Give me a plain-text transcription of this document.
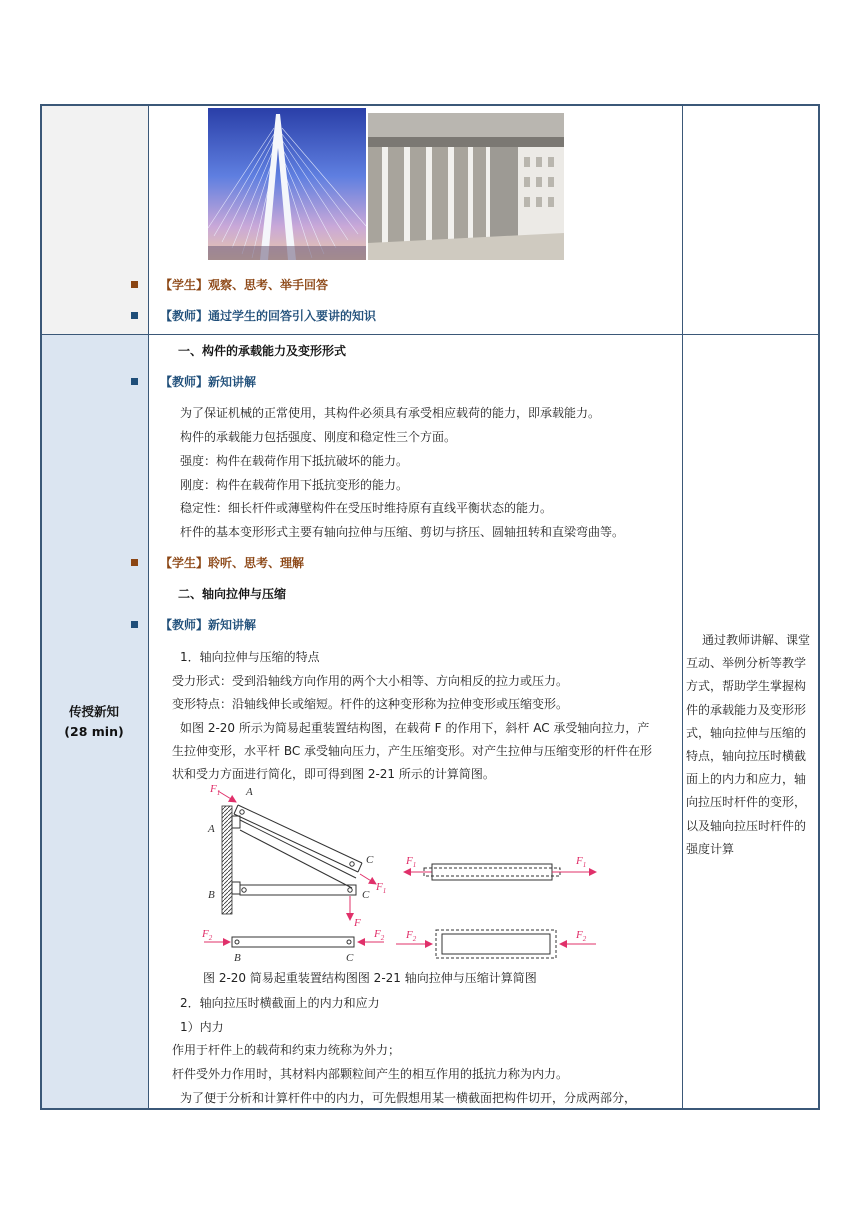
【学生】观察、思考、举手回答
【教师】通过学生的回答引入要讲的知识
传授新知
(28 min)
一、构件的承载能力及变形形式
【教师】新知讲解
为了保证机械的正常使用，其构件必须具有承受相应载荷的能力，即承载能力。
构件的承载能力包括强度、刚度和稳定性三个方面。
强度：构件在载荷作用下抵抗破坏的能力。
刚度：构件在载荷作用下抵抗变形的能力。
稳定性：细长杆件或薄壁构件在受压时维持原有直线平衡状态的能力。
杆件的基本变形形式主要有轴向拉伸与压缩、剪切与挤压、圆轴扭转和直梁弯曲等。
【学生】聆听、思考、理解
二、轴向拉伸与压缩
【教师】新知讲解
1．轴向拉伸与压缩的特点
受力形式：受到沿轴线方向作用的两个大小相等、方向相反的拉力或压力。
变形特点：沿轴线伸长或缩短。杆件的这种变形称为拉伸变形或压缩变形。
如图 2-20 所示为简易起重装置结构图，在载荷 F 的作用下，斜杆 AC 承受轴向拉力，产
生拉伸变形，水平杆 BC 承受轴向压力，产生压缩变形。对产生拉伸与压缩变形的杆件在形
状和受力方面进行简化，即可得到图 2-21 所示的计算简图。
$F_1$ A
A
B
C
C
$F_1$
F
$F_1$	$F_1$
$F_2$	$F_2$
$F_2$	$F_2$
B	C
图 2-20 简易起重装置结构图图 2-21 轴向拉伸与压缩计算简图
2．轴向拉压时横截面上的内力和应力
1）内力
作用于杆件上的载荷和约束力统称为外力；
杆件受外力作用时，其材料内部颗粒间产生的相互作用的抵抗力称为内力。
为了便于分析和计算杆件中的内力，可先假想用某一横截面把构件切开，分成两部分，
通过教师讲解、课堂互动、举例分析等教学方式，帮助学生掌握构件的承载能力及变形形式，轴向拉伸与压缩的特点，轴向拉压时横截面上的内力和应力，轴向拉压时杆件的变形，以及轴向拉压时杆件的强度计算
